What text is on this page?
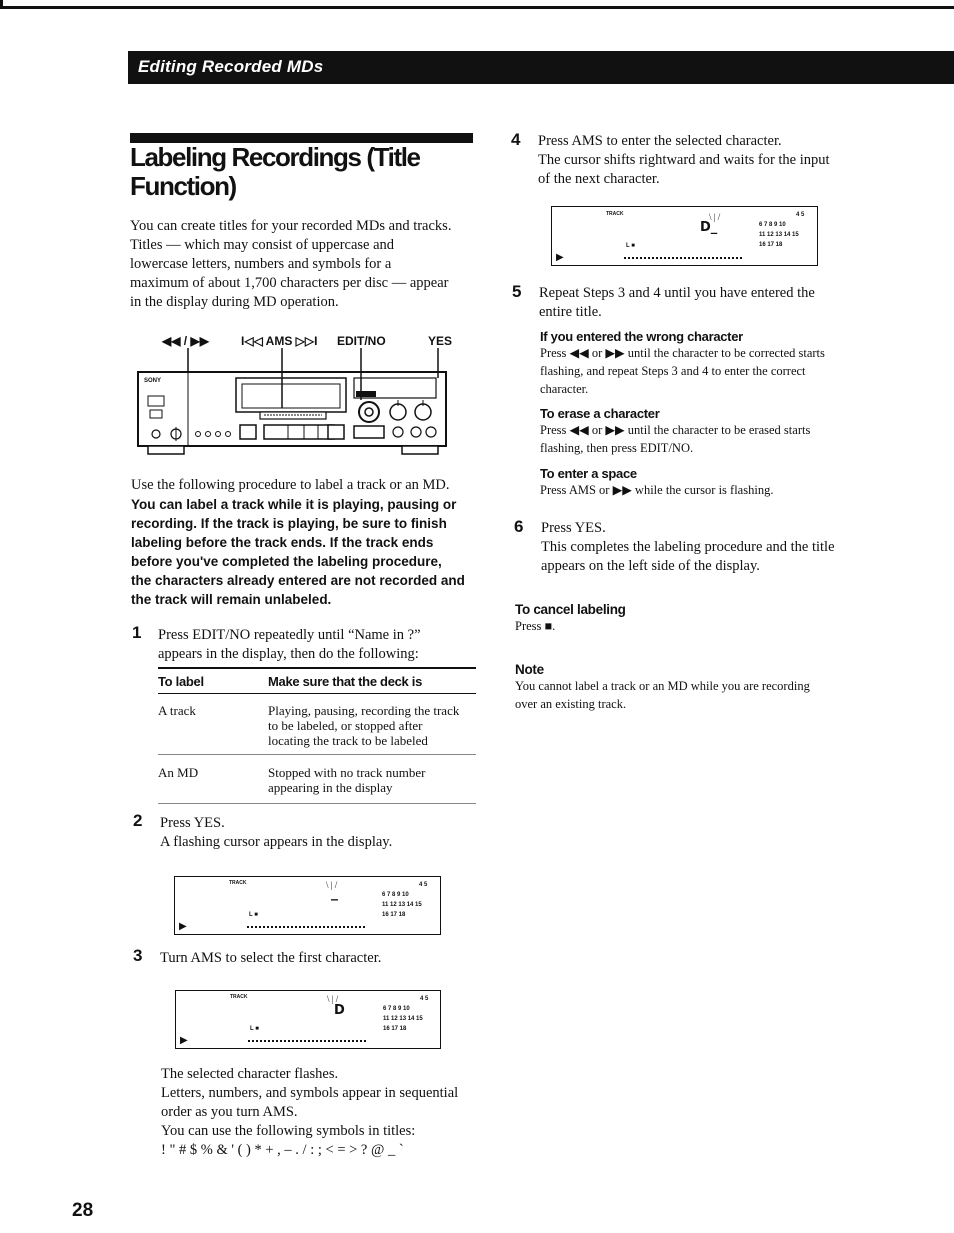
Editing Recorded MDs
Labeling Recordings (Title
Function)
You can create titles for your recorded MDs and tracks.
Titles — which may consist of uppercase and
lowercase letters, numbers and symbols for a
maximum of about 1,700 characters per disc — appear
in the display during MD operation.
◀◀ / ▶▶	I◁◁ AMS ▷▷I EDIT/NO	YES
SONY
Use the following procedure to label a track or an MD.
You can label a track while it is playing, pausing or
recording. If the track is playing, be sure to finish
labeling before the track ends. If the track ends
before you've completed the labeling procedure,
the characters already entered are not recorded and
the track will remain unlabeled.
1 Press EDIT/NO repeatedly until “Name in ?”
appears in the display, then do the following:
To label	Make sure that the deck is
A track	Playing, pausing, recording the track
to be labeled, or stopped after
locating the track to be labeled
An MD	Stopped with no track number
appearing in the display
2 Press YES.
A flashing cursor appears in the display.
TRACK
_
\ | /	4 5
6 7 8 9 10
11 12 13 14 15
16 17 18
L ■
▶
3 Turn AMS to select the first character.
TRACK	\ | /
D
4 5
6 7 8 9 10
11 12 13 14 15
16 17 18
L ■
▶
The selected character flashes.
Letters, numbers, and symbols appear in sequential
order as you turn AMS.
You can use the following symbols in titles:
! " # $ % & ' ( ) * + , – . / : ; < = > ? @ _ `
28
4 Press AMS to enter the selected character.
The cursor shifts rightward and waits for the input
of the next character.
TRACK	\ | /
D_
4 5
6 7 8 9 10
11 12 13 14 15
16 17 18
L ■
▶
5 Repeat Steps 3 and 4 until you have entered the
entire title.
If you entered the wrong character
Press ◀◀ or ▶▶ until the character to be corrected starts
flashing, and repeat Steps 3 and 4 to enter the correct
character.
To erase a character
Press ◀◀ or ▶▶ until the character to be erased starts
flashing, then press EDIT/NO.
To enter a space
Press AMS or ▶▶ while the cursor is flashing.
6 Press YES.
This completes the labeling procedure and the title
appears on the left side of the display.
To cancel labeling
Press ■.
Note
You cannot label a track or an MD while you are recording
over an existing track.
